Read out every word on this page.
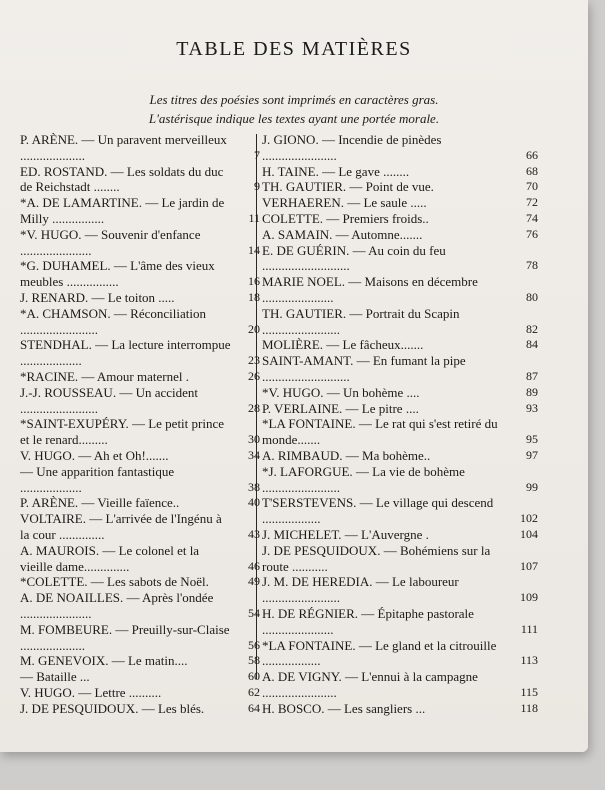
TABLE DES MATIÈRES
Les titres des poésies sont imprimés en caractères gras.
L'astérisque indique les textes ayant une portée morale.
P. ARÈNE. — Un paravent merveilleux ....................	7
ED. ROSTAND. — Les soldats du duc de Reichstadt ........	9
*A. DE LAMARTINE. — Le jardin de Milly ................	11
*V. HUGO. — Souvenir d'enfance ......................	14
*G. DUHAMEL. — L'âme des vieux meubles ................	16
J. RENARD. — Le toiton .....	18
*A. CHAMSON. — Réconciliation ........................	20
STENDHAL. — La lecture interrompue ...................	23
*RACINE. — Amour maternel .	26
J.-J. ROUSSEAU. — Un accident ........................	28
*SAINT-EXUPÉRY. — Le petit prince et le renard.........	30
V. HUGO. — Ah et Oh!.......	34
— Une apparition fantastique ...................	38
P. ARÈNE. — Vieille faïence..	40
VOLTAIRE. — L'arrivée de l'Ingénu à la cour ..............	43
A. MAUROIS. — Le colonel et la vieille dame..............	46
*COLETTE. — Les sabots de Noël.	49
A. DE NOAILLES. — Après l'ondée ......................	54
M. FOMBEURE. — Preuilly-sur-Claise ....................	56
M. GENEVOIX. — Le matin....	58
— Bataille ...	60
V. HUGO. — Lettre ..........	62
J. DE PESQUIDOUX. — Les blés.	64
J. GIONO. — Incendie de pinèdes .......................	66
H. TAINE. — Le gave ........	68
TH. GAUTIER. — Point de vue.	70
VERHAEREN. — Le saule .....	72
COLETTE. — Premiers froids..	74
A. SAMAIN. — Automne.......	76
E. DE GUÉRIN. — Au coin du feu ...........................	78
MARIE NOEL. — Maisons en décembre ......................	80
TH. GAUTIER. — Portrait du Scapin ........................	82
MOLIÈRE. — Le fâcheux.......	84
SAINT-AMANT. — En fumant la pipe ...........................	87
*V. HUGO. — Un bohème ....	89
P. VERLAINE. — Le pitre ....	93
*LA FONTAINE. — Le rat qui s'est retiré du monde.......	95
A. RIMBAUD. — Ma bohème..	97
*J. LAFORGUE. — La vie de bohème ........................	99
T'SERSTEVENS. — Le village qui descend ..................	102
J. MICHELET. — L'Auvergne .	104
J. DE PESQUIDOUX. — Bohémiens sur la route ...........	107
J. M. DE HEREDIA. — Le laboureur ........................	109
H. DE RÉGNIER. — Épitaphe pastorale ......................	111
*LA FONTAINE. — Le gland et la citrouille ..................	113
A. DE VIGNY. — L'ennui à la campagne .......................	115
H. BOSCO. — Les sangliers ...	118
